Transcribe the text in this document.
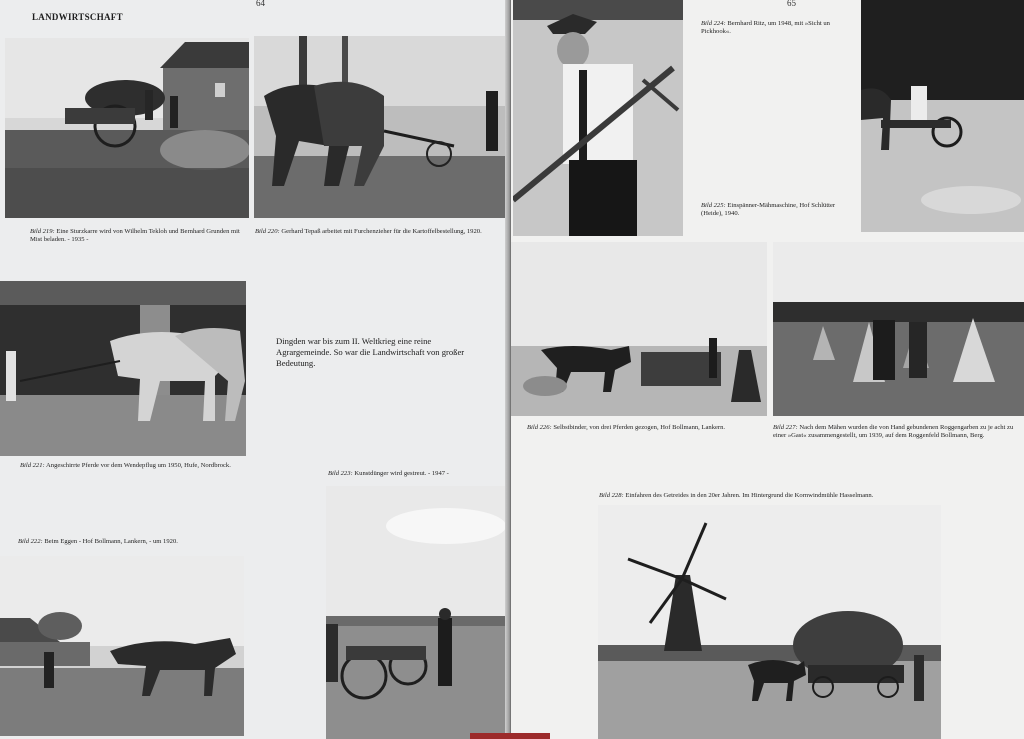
LANDWIRTSCHAFT
64
Bild 219: Eine Sturzkarre wird von Wilhelm Tekloh und Bernhard Grunden mit Mist beladen. - 1935 -
Bild 220: Gerhard Tepaß arbeitet mit Furchenzieher für die Kartoffelbestellung, 1920.
Dingden war bis zum II. Weltkrieg eine reine Agrargemeinde. So war die Landwirtschaft von großer Bedeutung.
Bild 221: Angeschirrte Pferde vor dem Wendepflug um 1950, Hufe, Nordbrock.
Bild 223: Kunstdünger wird gestreut. - 1947 -
Bild 222: Beim Eggen - Hof Bollmann, Lankern, - um 1920.
65
Bild 224: Bernhard Ritz, um 1948, mit »Sicht un Pickhook«.
Bild 225: Einspänner-Mähmaschine, Hof Schlütter (Heide), 1940.
Bild 226: Selbstbinder, von drei Pferden gezogen, Hof Bollmann, Lankern.	Bild 227: Nach dem Mähen wurden die von Hand gebundenen Roggengarben zu je acht zu einer »Gast« zusammengestellt, um 1939, auf dem Roggenfeld Bollmann, Berg.
Bild 228: Einfahren des Getreides in den 20er Jahren. Im Hintergrund die Kornwindmühle Hasselmann.
